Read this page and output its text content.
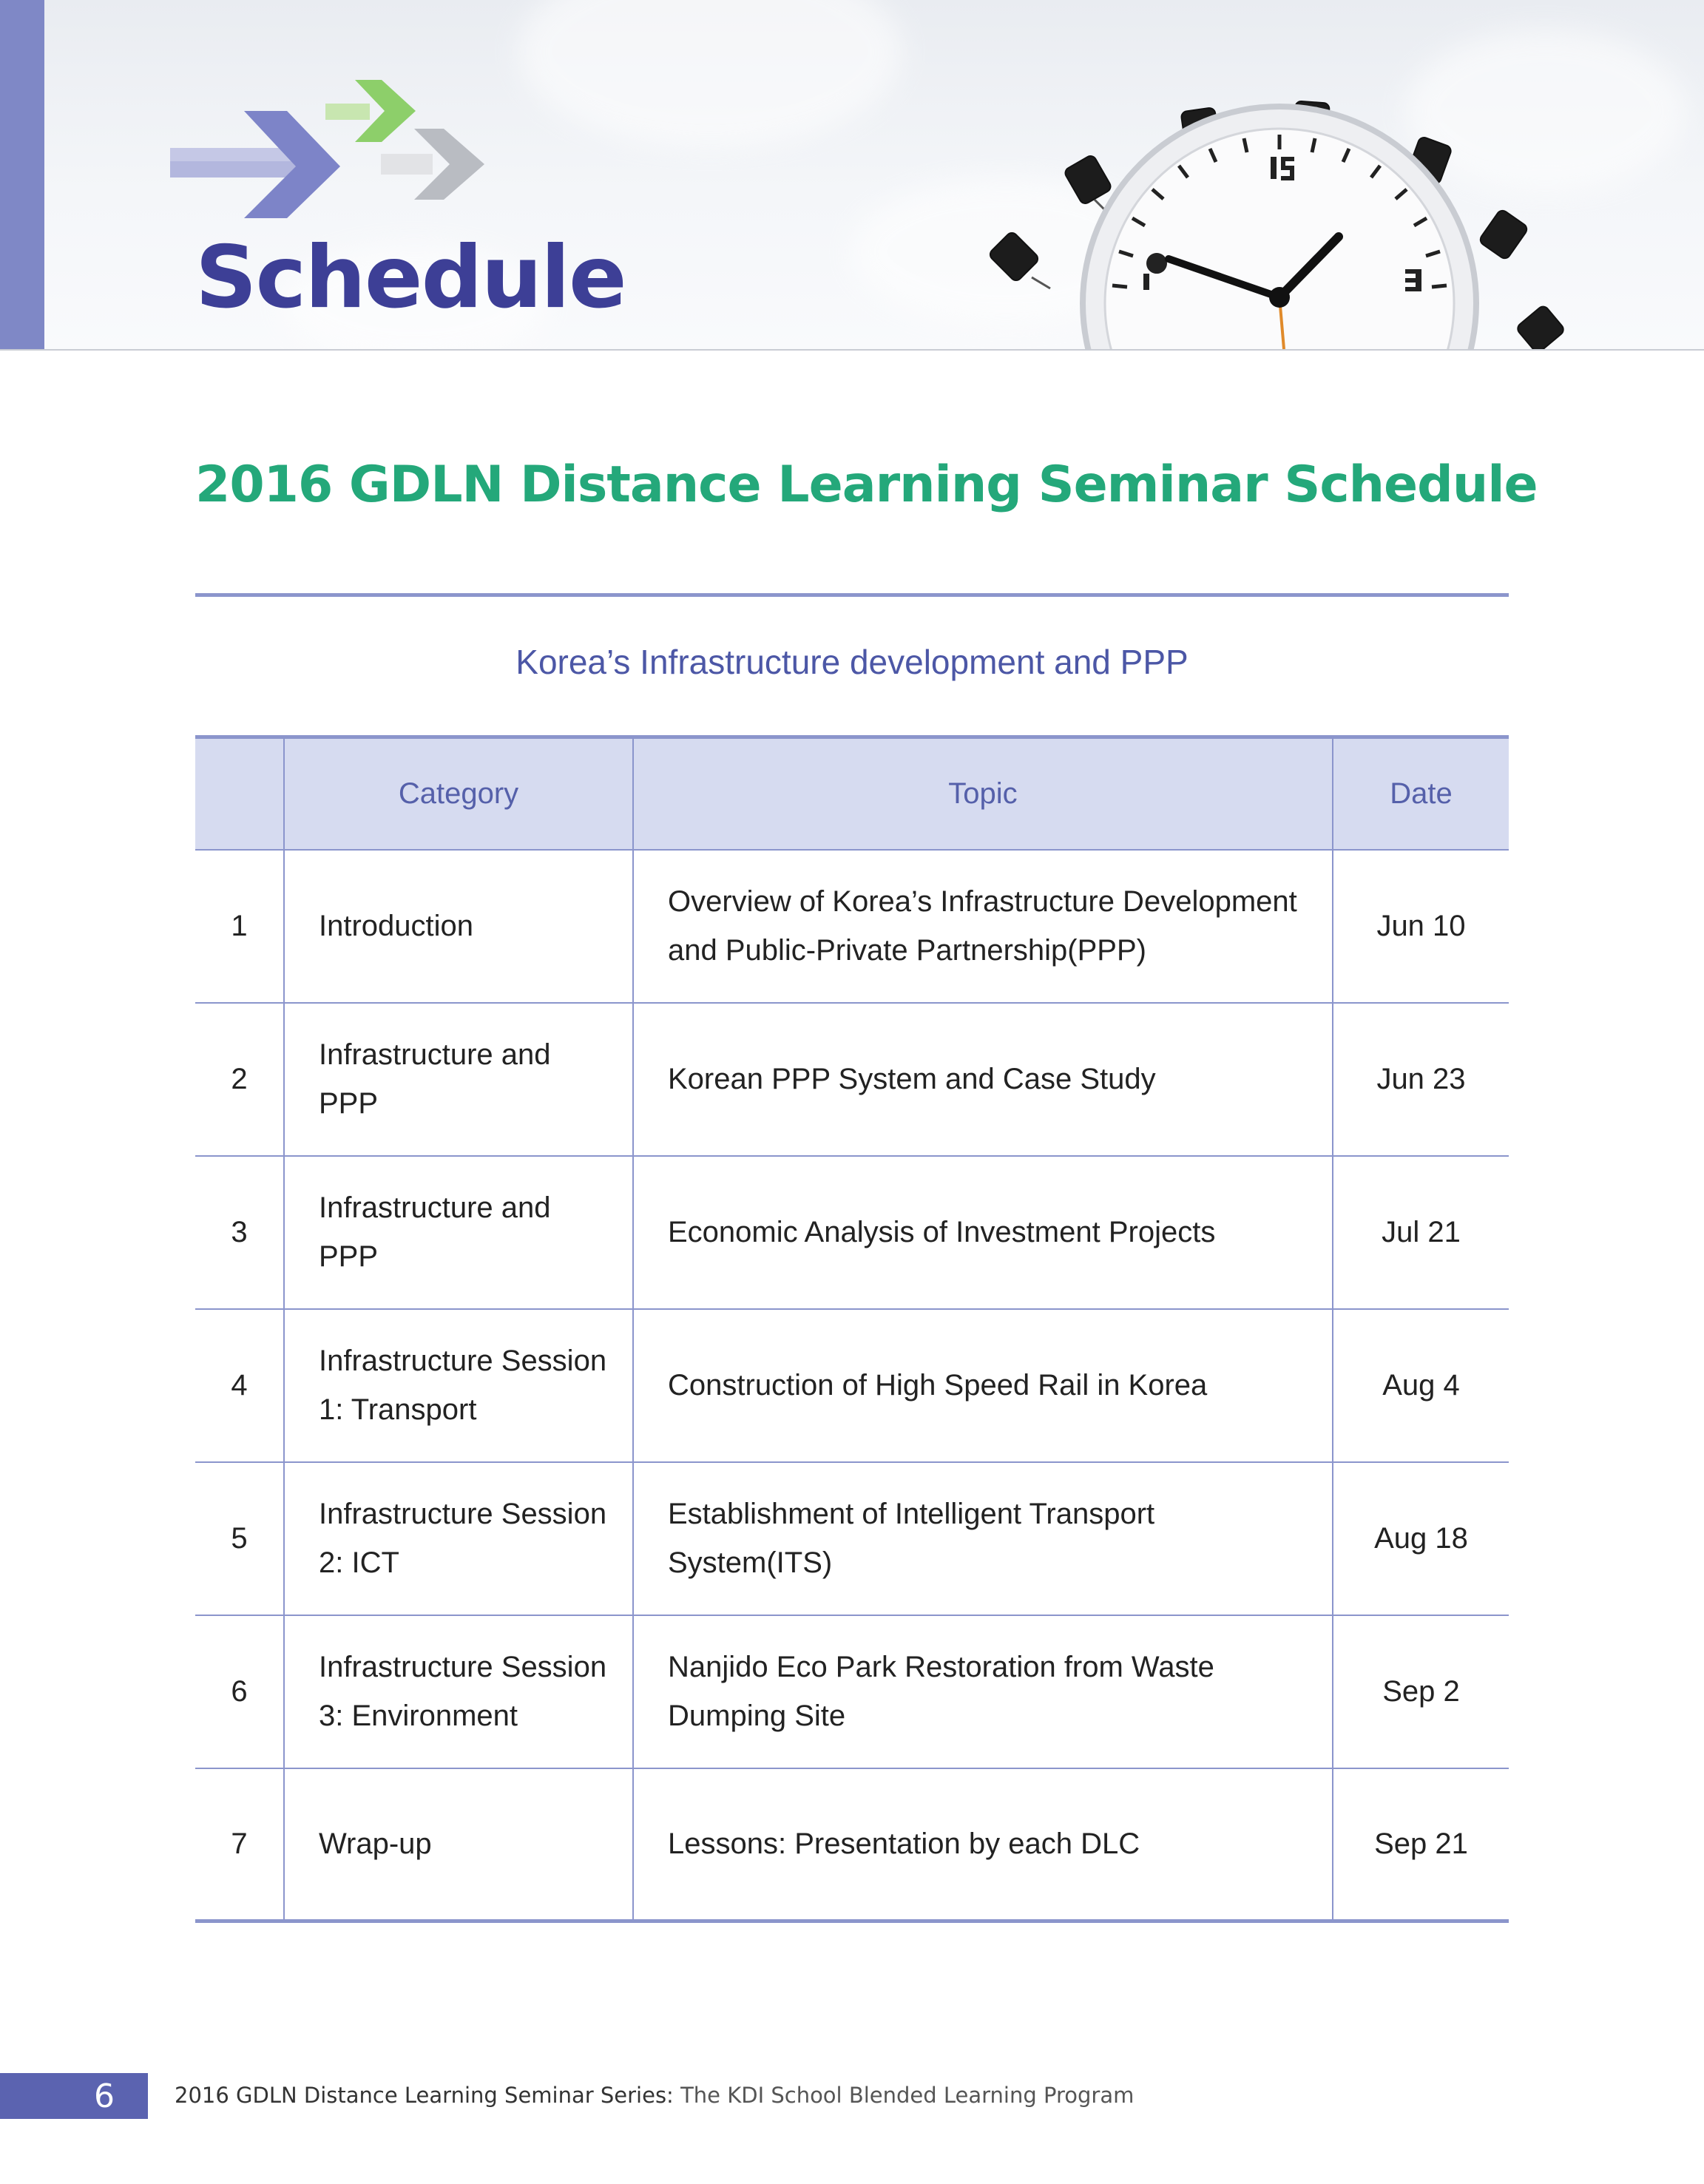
Schedule
2016 GDLN Distance Learning Seminar Schedule
Korea’s Infrastructure development and PPP
	Category	Topic	Date
1	Introduction	Overview of Korea’s Infrastructure Development and Public-Private Partnership(PPP)	Jun 10
2	Infrastructure and PPP	Korean PPP System and Case Study	Jun 23
3	Infrastructure and PPP	Economic Analysis of Investment Projects	Jul 21
4	Infrastructure Session 1: Transport	Construction of High Speed Rail in Korea	Aug 4
5	Infrastructure Session 2: ICT	Establishment of Intelligent Transport System(ITS)	Aug 18
6	Infrastructure Session 3: Environment	Nanjido Eco Park Restoration from Waste Dumping Site	Sep 2
7	Wrap-up	Lessons: Presentation by each DLC	Sep 21
6	2016 GDLN Distance Learning Seminar Series: The KDI School Blended Learning Program
